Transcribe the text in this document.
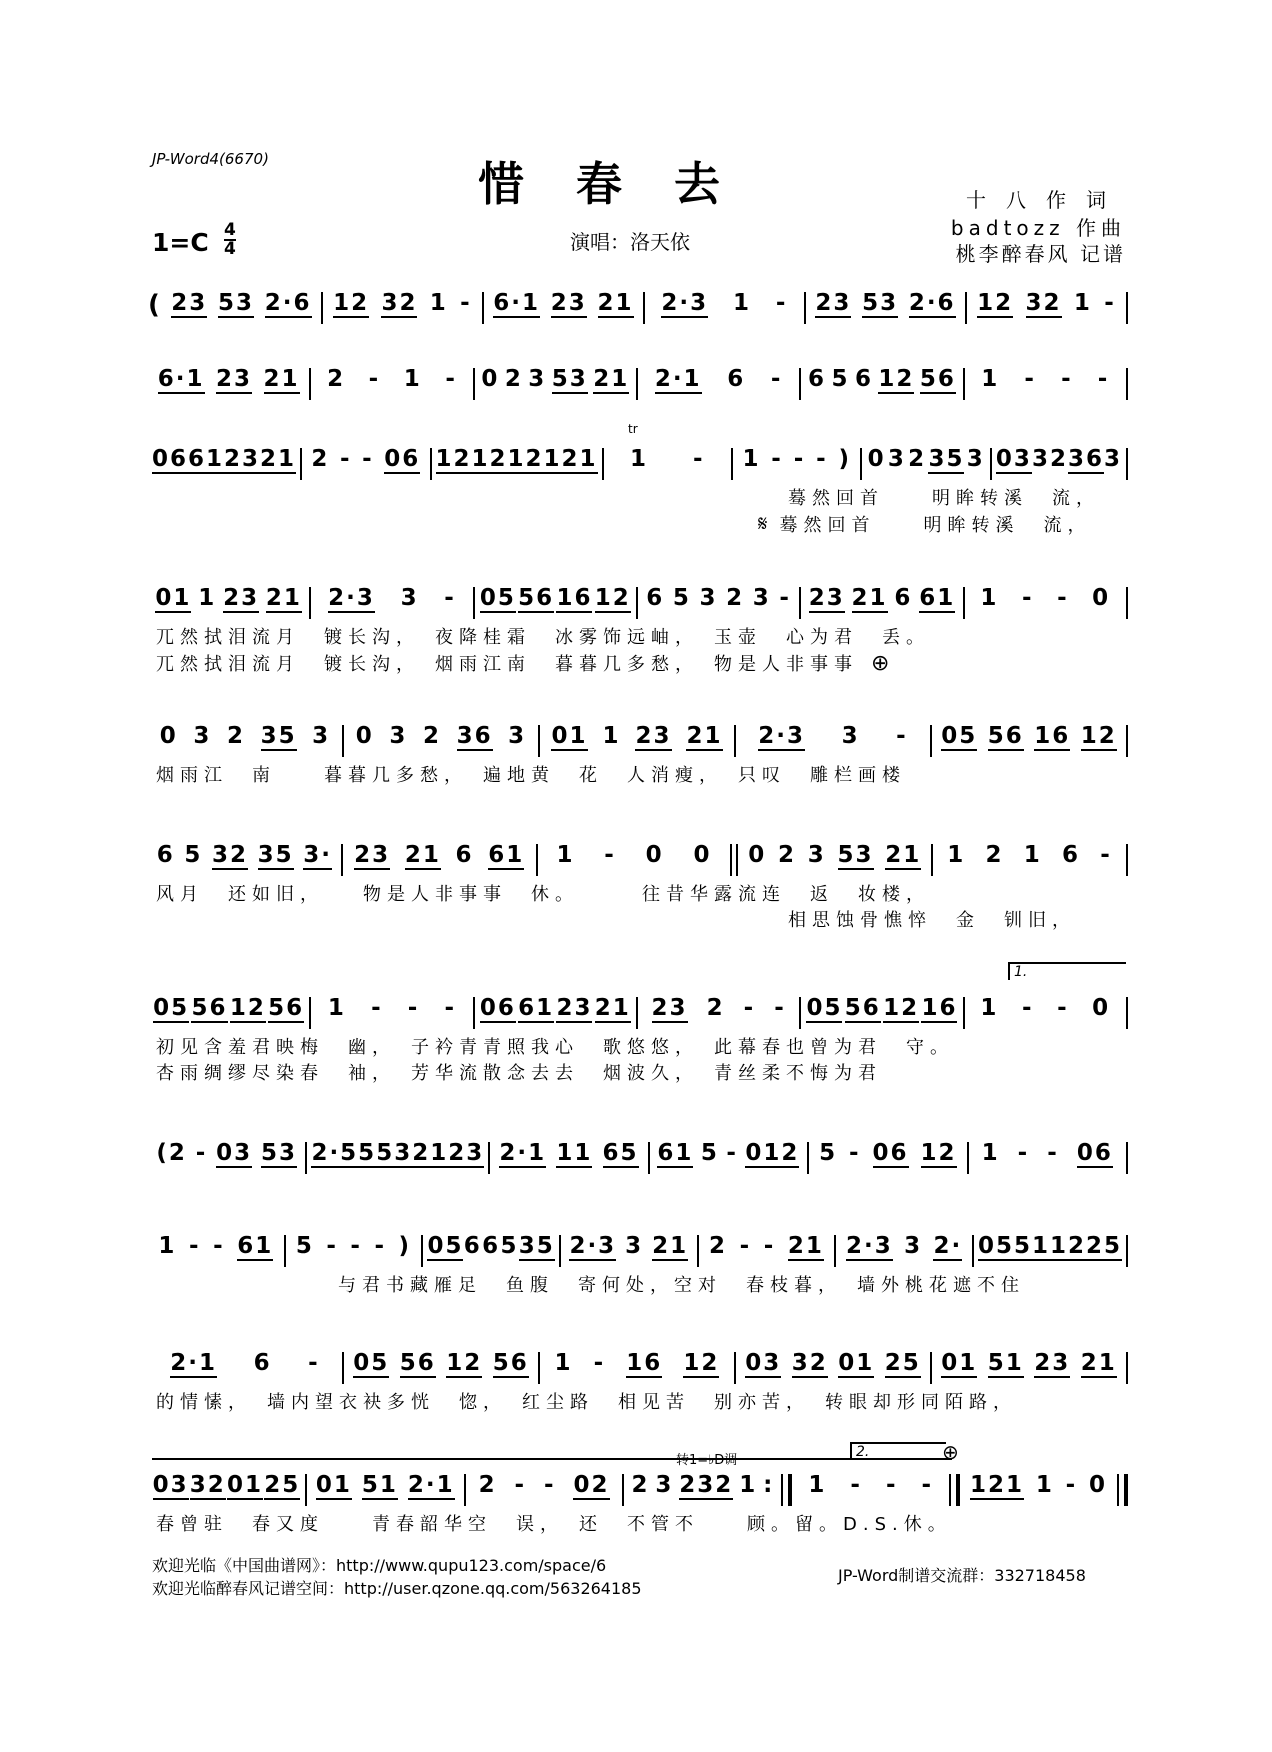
JP-Word4(6670)	惜春去
1=C 4
4	演唱：洛天依
十八作词
badtozz 作曲
桃李醉春风 记谱
( 23 53 2·6 12 32 1 - 6·1 23 21 2·3 1 - 23 53 2·6 12 32 1 -
6·1 23 21 2 - 1 - 0 2 3 53 21 2·1 6 - 6 5 6 12 56 1 - - -
06 61 23 21 2 - - 06 121 212121 1 - 1 - - - ) 0 3 2 35 3 03 3 2 36 3
蓦然回首　　明眸转溪　流，
𝄋 蓦然回首　　明眸转溪　流，
01 1 23 21 2·3 3 - 05 56 16 12 6 5 3 2 3 - 23 21 6 61 1 - - 0
兀然拭泪流月　镀长沟，　夜降桂霜　冰雾饰远岫，　玉壶　心为君　丢。
兀然拭泪流月　镀长沟，　烟雨江南　暮暮几多愁，　物是人非事事 ⊕
0 3 2 35 3 0 3 2 36 3 01 1 23 21 2·3 3 - 05 56 16 12
烟雨江　南　　暮暮几多愁，　遍地黄　花　人消瘦，　只叹　雕栏画楼
6 5 32 35 3· 23 21 6 61 1 - 0 0 0 2 3 53 21 1 2 1 6 -
风月　还如旧，　　物是人非事事　休。　　　往昔华露流连　返　妆楼，
相思蚀骨憔悴　金　钏旧，
05 56 12 56 1 - - - 06 61 23 21 23 2 - - 05 56 12 16 1 - - 0
初见含羞君映梅　幽，　子衿青青照我心　歌悠悠，　此幕春也曾为君　守。
杏雨绸缪尽染春　袖，　芳华流散念去去　烟波久，　青丝柔不悔为君
(2 - 03 53 2·55 53 21 23 2·1 11 65 61 5 - 012 5 - 06 12 1 - - 06
1 - - 61 5 - - - ) 05 6 6 5 35 2·3 3 21 2 - - 21 2·3 3 2· 05 51 12 25
与君书藏雁足　鱼腹　寄何处，空对　春枝暮，　墙外桃花遮不住
2·1 6 - 05 56 12 56 1 - 16 12 03 32 01 25 01 51 23 21
的情愫，　墙内望衣袂多恍　惚，　红尘路　相见苦　别亦苦，　转眼却形同陌路，
03 32 01 25 01 51 2·1 2 - - 02 2 3 232 1 : 1 - - - 121 1 - 0
春曾驻　春又度　　青春韶华空　误，　还　不管不　　顾。留。D.S.休。
欢迎光临《中国曲谱网》：http://www.qupu123.com/space/6
欢迎光临醉春风记谱空间：http://user.qzone.qq.com/563264185
JP-Word制谱交流群：332718458
1.
2.
转1=♭D调	⊕
tr
